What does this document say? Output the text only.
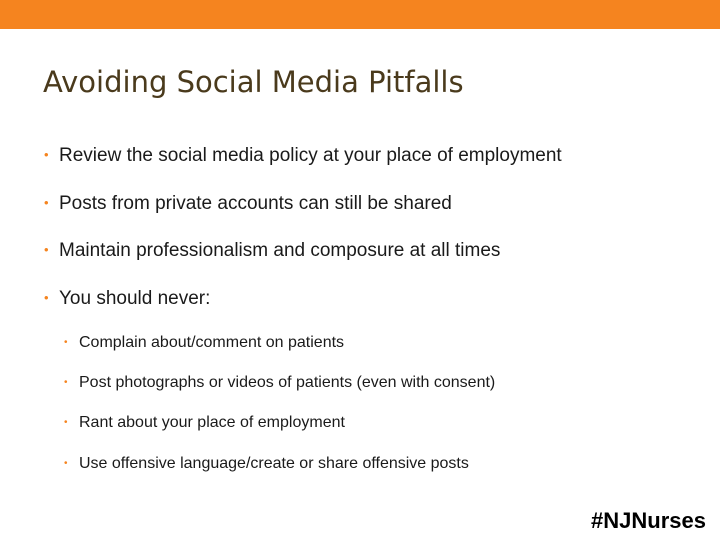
Avoiding Social Media Pitfalls
• Review the social media policy at your place of employment
• Posts from private accounts can still be shared
• Maintain professionalism and composure at all times
• You should never:
• Complain about/comment on patients
• Post photographs or videos of patients (even with consent)
• Rant about your place of employment
• Use offensive language/create or share offensive posts
#NJNurses
